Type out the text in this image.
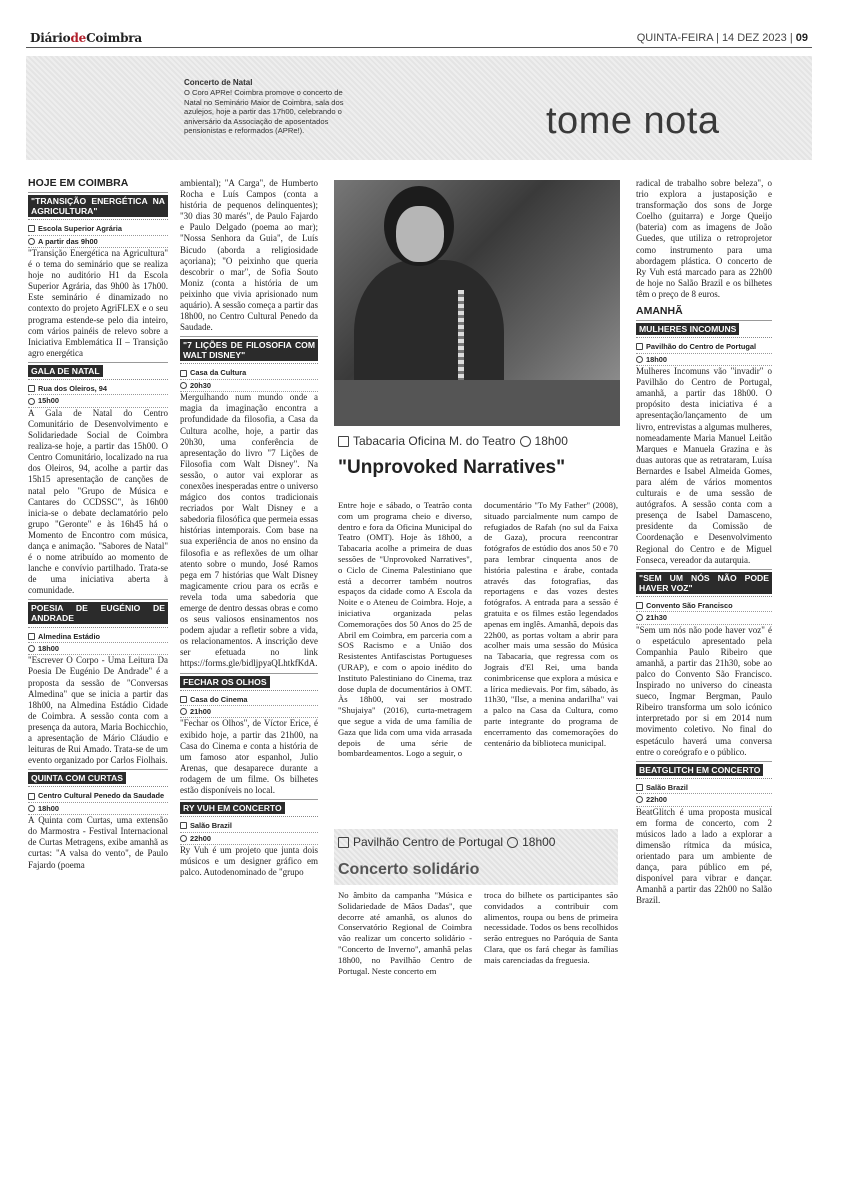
DiáriodeCoimbra	QUINTA-FEIRA | 14 DEZ 2023 | 09
Concerto de Natal
O Coro APRe! Coimbra promove o concerto de Natal no Seminário Maior de Coimbra, sala dos azulejos, hoje a partir das 17h00, celebrando o aniversário da Associação de aposentados pensionistas e reformados (APRe!).	tome nota
HOJE EM COIMBRA
"TRANSIÇÃO ENERGÉTICA NA AGRICULTURA"
Escola Superior Agrária
A partir das 9h00

"Transição Energética na Agricultura" é o tema do seminário que se realiza hoje no auditório H1 da Escola Superior Agrária, das 9h00 às 17h00. Este seminário é dinamizado no contexto do projeto AgriFLEX e o seu programa estende-se pelo dia inteiro, com vários painéis de relevo sobre a Iniciativa Emblemática II – Transição agro energética

GALA DE NATAL
Rua dos Oleiros, 94
15h00

A Gala de Natal do Centro Comunitário de Desenvolvimento e Solidariedade Social de Coimbra realiza-se hoje, a partir das 15h00. O Centro Comunitário, localizado na rua dos Oleiros, 94, acolhe a partir das 15h15 apresentação de canções de natal pelo "Grupo de Música e Cantares do CCDSSC", às 16h00 inicia-se o debate declamatório pelo grupo "Geronte" e às 16h45 há o Momento de Encontro com música, dança e animação. "Sabores de Natal" é o nome atribuído ao momento de lanche e convívio partilhado. Trata-se de uma iniciativa aberta à comunidade.

POESIA DE EUGÉNIO DE ANDRADE
Almedina Estádio
18h00

"Escrever O Corpo - Uma Leitura Da Poesia De Eugénio De Andrade" é a proposta da sessão de "Conversas Almedina" que se inicia a partir das 18h00, na Almedina Estádio Cidade de Coimbra. A sessão conta com a presença da autora, Maria Bochicchio, a apresentação de Mário Cláudio e leituras de Rui Amado. Trata-se de um evento organizado por Carlos Fiolhais.

QUINTA COM CURTAS
Centro Cultural Penedo da Saudade
18h00

A Quinta com Curtas, uma extensão do Marmostra - Festival Internacional de Curtas Metragens, exibe amanhã as curtas: "A valsa do vento", de Paulo Fajardo (poema

ambiental); "A Carga", de Humberto Rocha e Luís Campos (conta a história de pequenos delinquentes); "30 dias 30 marés", de Paulo Fajardo e Paulo Delgado (poema ao mar); "Nossa Senhora da Guia", de Luís Bicudo (aborda a religiosidade açoriana); "O peixinho que queria descobrir o mar", de Sofia Souto Moniz (conta a história de um peixinho que vivia aprisionado num aquário). A sessão começa a partir das 18h00, no Centro Cultural Penedo da Saudade.

"7 LIÇÕES DE FILOSOFIA COM WALT DISNEY"
Casa da Cultura
20h30

Mergulhando num mundo onde a magia da imaginação encontra a profundidade da filosofia, a Casa da Cultura acolhe, hoje, a partir das 20h30, uma conferência de apresentação do livro "7 Lições de Filosofia com Walt Disney". Na sessão, o autor vai explorar as conexões inesperadas entre o universo mágico dos contos tradicionais recriados por Walt Disney e a sabedoria filosófica que permeia essas histórias intemporais. Com base na sua experiência de anos no ensino da filosofia e as reflexões de um olhar atento sobre o mundo, José Ramos pega em 7 histórias que Walt Disney magicamente criou para os ecrãs e revela toda uma sabedoria que emerge de dentro dessas obras e como os seus valiosos ensinamentos nos podem ajudar a refletir sobre a vida, os relacionamentos. A inscrição deve ser efetuada no link https://forms.gle/bidljpyaQLhtkfKdA.

FECHAR OS OLHOS
Casa do Cinema
21h00

"Fechar os Olhos", de Víctor Erice, é exibido hoje, a partir das 21h00, na Casa do Cinema e conta a história de um famoso ator espanhol, Julio Arenas, que desaparece durante a rodagem de um filme. Os bilhetes estão disponíveis no local.

RY VUH EM CONCERTO
Salão Brazil
22h00

Ry Vuh é um projeto que junta dois músicos e um designer gráfico em palco. Autodenominado de "grupo

Tabacaria Oficina M. do Teatro 18h00
"Unprovoked Narratives"
Entre hoje e sábado, o Teatrão conta com um programa cheio e diverso, dentro e fora da Oficina Municipal do Teatro (OMT). Hoje às 18h00, a Tabacaria acolhe a primeira de duas sessões de "Unprovoked Narratives", o Ciclo de Cinema Palestiniano que está a decorrer também noutros espaços da cidade como A Escola da Noite e o Ateneu de Coimbra. Hoje, a iniciativa organizada pelas Comemorações dos 50 Anos do 25 de Abril em Coimbra, em parceria com a SOS Racismo e a União dos Resistentes Antifascistas Portugueses (URAP), e com o apoio inédito do Instituto Palestiniano do Cinema, traz dose dupla de documentários à OMT. Às 18h00, vai ser mostrado "Shujaiya" (2016), curta-metragem que segue a vida de uma família de Gaza que lida com uma vida arrasada depois de uma série de bombardeamentos. Logo a seguir, o
documentário "To My Father" (2008), situado parcialmente num campo de refugiados de Rafah (no sul da Faixa de Gaza), procura reencontrar fotógrafos de estúdio dos anos 50 e 70 para lembrar cinquenta anos de história palestina e árabe, contada através das fotografias, das reportagens e das vozes destes fotógrafos. A entrada para a sessão é gratuita e os filmes estão legendados apenas em inglês. Amanhã, depois das 22h00, as portas voltam a abrir para acolher mais uma sessão do Música na Tabacaria, que regressa com os Jograis d'El Rei, uma banda conimbricense que explora a música e a lírica medievais. Por fim, sábado, às 11h30, "Ilse, a menina andarilha" vai a palco na Casa da Cultura, como parte integrante do programa de encerramento das comemorações do centenário da biblioteca municipal.
Pavilhão Centro de Portugal 18h00
Concerto solidário
No âmbito da campanha "Música e Solidariedade de Mãos Dadas", que decorre até amanhã, os alunos do Conservatório Regional de Coimbra vão realizar um concerto solidário - "Concerto de Inverno", amanhã pelas 18h00, no Pavilhão Centro de Portugal. Neste concerto em
troca do bilhete os participantes são convidados a contribuir com alimentos, roupa ou bens de primeira necessidade. Todos os bens recolhidos serão entregues no Paróquia de Santa Clara, que os fará chegar às famílias mais carenciadas da freguesia.

radical de trabalho sobre beleza", o trio explora a justaposição e transformação dos sons de Jorge Coelho (guitarra) e Jorge Queijo (bateria) com as imagens de João Guedes, que utiliza o retroprojetor como instrumento para uma abordagem plástica. O concerto de Ry Vuh está marcado para as 22h00 de hoje no Salão Brazil e os bilhetes têm o preço de 8 euros.

AMANHÃ
MULHERES INCOMUNS
Pavilhão do Centro de Portugal
18h00

Mulheres Incomuns vão "invadir" o Pavilhão do Centro de Portugal, amanhã, a partir das 18h00. O propósito desta iniciativa é a apresentação/lançamento de um livro, entrevistas a algumas mulheres, nomeadamente Maria Manuel Leitão Marques e Manuela Grazina e às duas autoras que as retrataram, Luísa Bernardes e Isabel Almeida Gomes, para além de vários momentos culturais e de uma sessão de autógrafos. A sessão conta com a presença de Isabel Damasceno, presidente da Comissão de Coordenação e Desenvolvimento Regional do Centro e de Miguel Fonseca, vereador da autarquia.

"SEM UM NÓS NÃO PODE HAVER VOZ"
Convento São Francisco
21h30

"Sem um nós não pode haver voz" é o espetáculo apresentado pela Companhia Paulo Ribeiro que amanhã, a partir das 21h30, sobe ao palco do Convento São Francisco. Inspirado no universo do cineasta sueco, Ingmar Bergman, Paulo Ribeiro transforma um solo icónico interpretado por si em 2014 num movimento coletivo. No final do espetáculo haverá uma conversa entre o coreógrafo e o público.

BEATGLITCH EM CONCERTO
Salão Brazil
22h00

BeatGlitch é uma proposta musical em forma de concerto, com 2 músicos lado a lado a explorar a dimensão rítmica da música, orientado para um ambiente de dança, para público em pé, disponível para vibrar e dançar. Amanhã a partir das 22h00 no Salão Brazil.
